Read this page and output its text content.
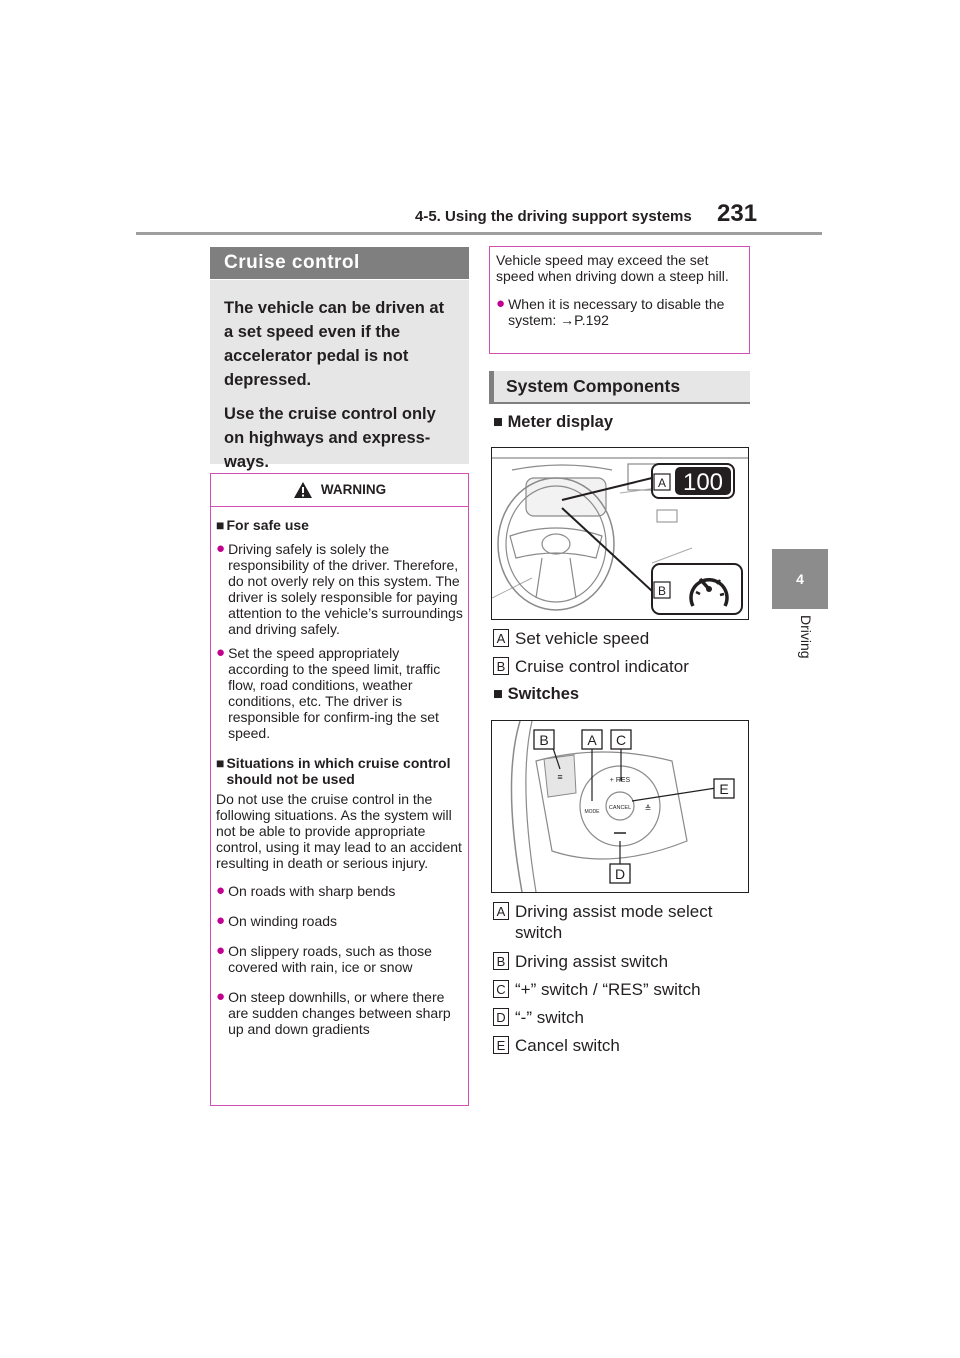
4-5. Using the driving support systems 231
4
Driving
Cruise control

The vehicle can be driven at a set speed even if the accelerator pedal is not depressed.

Use the cruise control only on highways and express-ways.

WARNING
■ For safe use
● Driving safely is solely the responsibility of the driver. Therefore, do not overly rely on this system. The driver is solely responsible for paying attention to the vehicle’s surroundings and driving safely.
● Set the speed appropriately according to the speed limit, traffic flow, road conditions, weather conditions, etc. The driver is responsible for confirm-ing the set speed.
■ Situations in which cruise control should not be used
Do not use the cruise control in the following situations. As the system will not be able to provide appropriate control, using it may lead to an accident resulting in death or serious injury.
● On roads with sharp bends
● On winding roads
● On slippery roads, such as those covered with rain, ice or snow
● On steep downhills, or where there are sudden changes between sharp up and down gradients
Vehicle speed may exceed the set speed when driving down a steep hill.
● When it is necessary to disable the system: →P.192
System Components
■ Meter display
A 100
B
A Set vehicle speed
B Cruise control indicator
■ Switches
≡
CANCEL
+ RES
MODE	≙
B	A C
E
D
A Driving assist mode select switch
B Driving assist switch
C “+” switch / “RES” switch
D “-” switch
E Cancel switch
